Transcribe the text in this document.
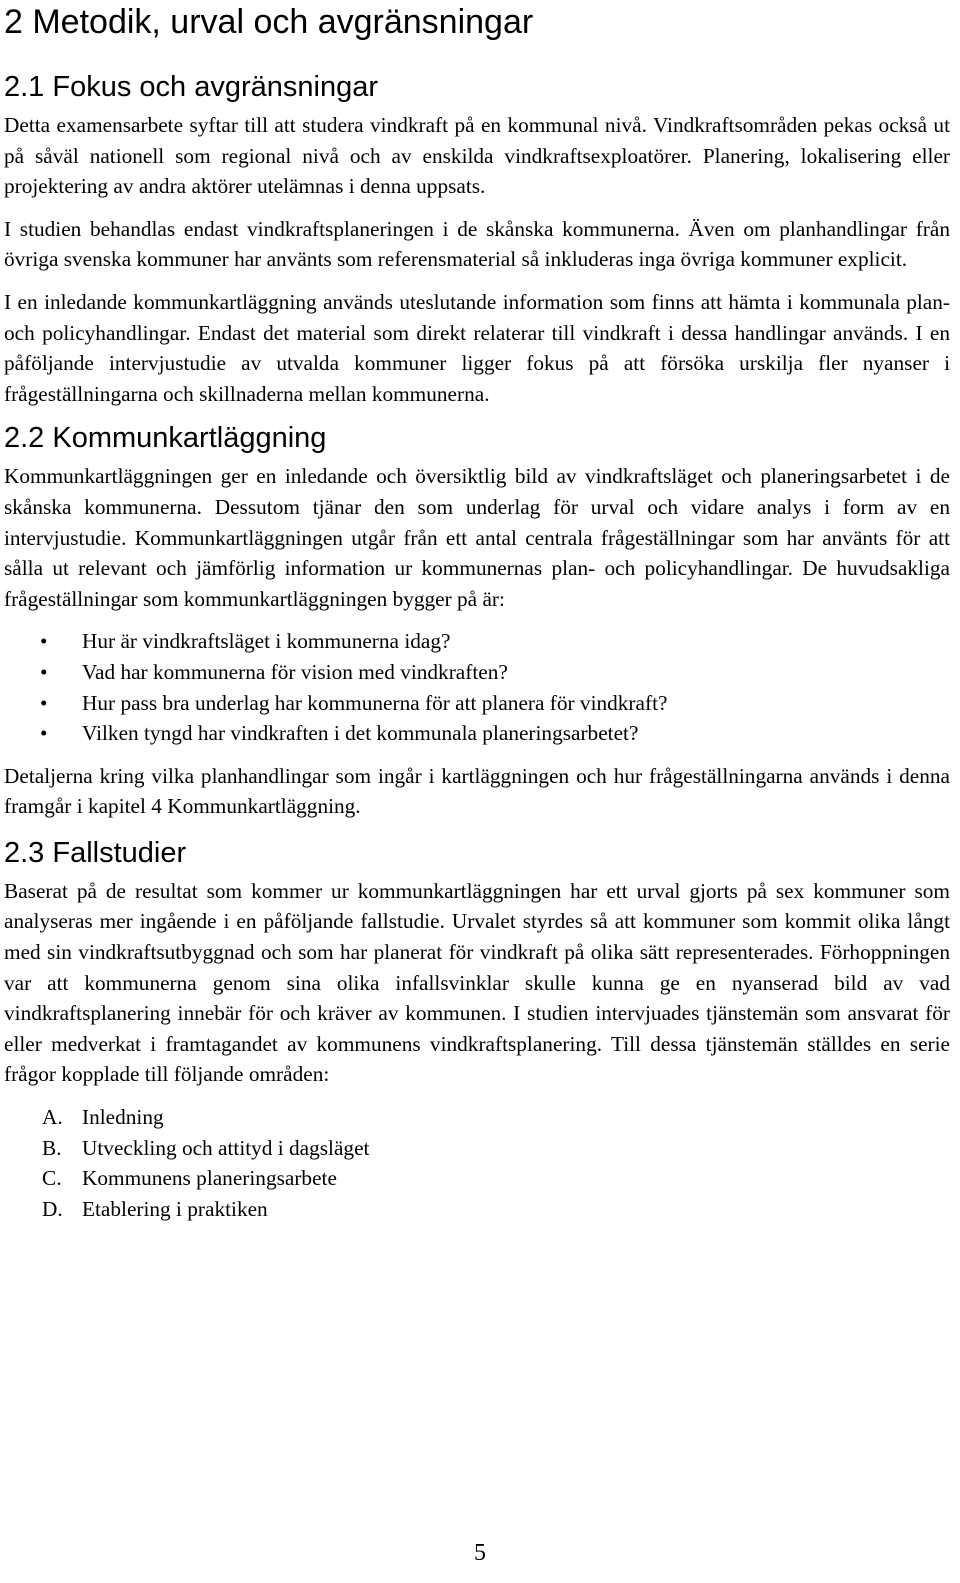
2 Metodik, urval och avgränsningar
2.1 Fokus och avgränsningar

Detta examensarbete syftar till att studera vindkraft på en kommunal nivå. Vindkraftsområden pekas också ut på såväl nationell som regional nivå och av enskilda vindkraftsexploatörer. Planering, lokalisering eller projektering av andra aktörer utelämnas i denna uppsats.

I studien behandlas endast vindkraftsplaneringen i de skånska kommunerna. Även om planhandlingar från övriga svenska kommuner har använts som referensmaterial så inkluderas inga övriga kommuner explicit.

I en inledande kommunkartläggning används uteslutande information som finns att hämta i kommunala plan- och policyhandlingar. Endast det material som direkt relaterar till vindkraft i dessa handlingar används. I en påföljande intervjustudie av utvalda kommuner ligger fokus på att försöka urskilja fler nyanser i frågeställningarna och skillnaderna mellan kommunerna.

2.2 Kommunkartläggning

Kommunkartläggningen ger en inledande och översiktlig bild av vindkraftsläget och planeringsarbetet i de skånska kommunerna. Dessutom tjänar den som underlag för urval och vidare analys i form av en intervjustudie. Kommunkartläggningen utgår från ett antal centrala frågeställningar som har använts för att sålla ut relevant och jämförlig information ur kommunernas plan- och policyhandlingar. De huvudsakliga frågeställningar som kommunkartläggningen bygger på är:

• Hur är vindkraftsläget i kommunerna idag?
• Vad har kommunerna för vision med vindkraften?
• Hur pass bra underlag har kommunerna för att planera för vindkraft?
• Vilken tyngd har vindkraften i det kommunala planeringsarbetet?

Detaljerna kring vilka planhandlingar som ingår i kartläggningen och hur frågeställningarna används i denna framgår i kapitel 4 Kommunkartläggning.

2.3 Fallstudier

Baserat på de resultat som kommer ur kommunkartläggningen har ett urval gjorts på sex kommuner som analyseras mer ingående i en påföljande fallstudie. Urvalet styrdes så att kommuner som kommit olika långt med sin vindkraftsutbyggnad och som har planerat för vindkraft på olika sätt representerades. Förhoppningen var att kommunerna genom sina olika infallsvinklar skulle kunna ge en nyanserad bild av vad vindkraftsplanering innebär för och kräver av kommunen. I studien intervjuades tjänstemän som ansvarat för eller medverkat i framtagandet av kommunens vindkraftsplanering. Till dessa tjänstemän ställdes en serie frågor kopplade till följande områden:

A. Inledning
B. Utveckling och attityd i dagsläget
C. Kommunens planeringsarbete
D. Etablering i praktiken
5
